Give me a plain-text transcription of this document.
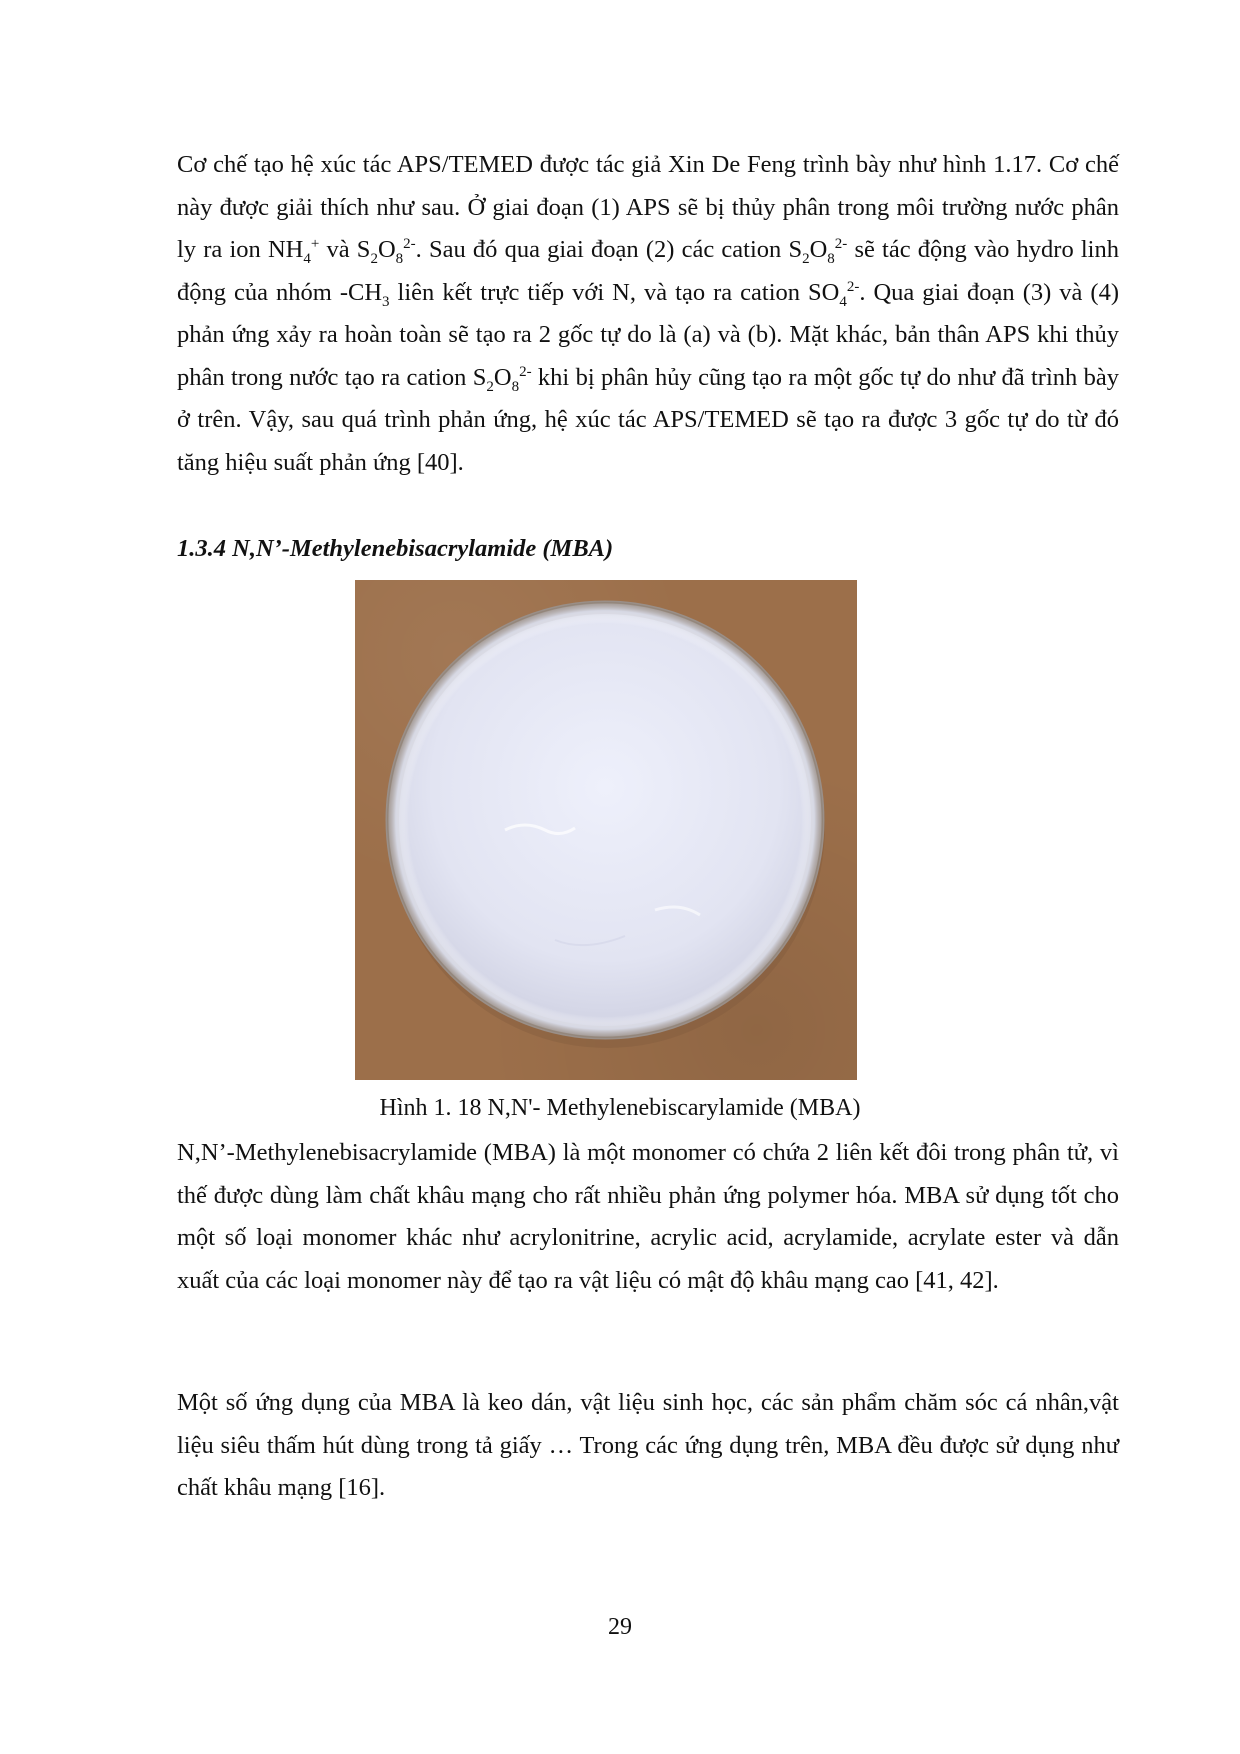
Cơ chế tạo hệ xúc tác APS/TEMED được tác giả Xin De Feng trình bày như hình 1.17. Cơ chế này được giải thích như sau. Ở giai đoạn (1) APS sẽ bị thủy phân trong môi trường nước phân ly ra ion $NH_4^+$ và $S_2O_8^{2-}$. Sau đó qua giai đoạn (2) các cation $S_2O_8^{2-}$ sẽ tác động vào hydro linh động của nhóm $-CH_3$ liên kết trực tiếp với N, và tạo ra cation $SO_4^{2-}$. Qua giai đoạn (3) và (4) phản ứng xảy ra hoàn toàn sẽ tạo ra 2 gốc tự do là (a) và (b). Mặt khác, bản thân APS khi thủy phân trong nước tạo ra cation $S_2O_8^{2-}$ khi bị phân hủy cũng tạo ra một gốc tự do như đã trình bày ở trên. Vậy, sau quá trình phản ứng, hệ xúc tác APS/TEMED sẽ tạo ra được 3 gốc tự do từ đó tăng hiệu suất phản ứng [40].

1.3.4 N,N’-Methylenebisacrylamide (MBA)

Hình 1. 18 N,N'- Methylenebiscarylamide (MBA)

N,N’-Methylenebisacrylamide (MBA) là một monomer có chứa 2 liên kết đôi trong phân tử, vì thế được dùng làm chất khâu mạng cho rất nhiều phản ứng polymer hóa. MBA sử dụng tốt cho một số loại monomer khác như acrylonitrine, acrylic acid, acrylamide, acrylate ester và dẫn xuất của các loại monomer này để tạo ra vật liệu có mật độ khâu mạng cao [41, 42].

Một số ứng dụng của MBA là keo dán, vật liệu sinh học, các sản phẩm chăm sóc cá nhân,vật liệu siêu thấm hút dùng trong tả giấy … Trong các ứng dụng trên, MBA đều được sử dụng như chất khâu mạng [16].

29
